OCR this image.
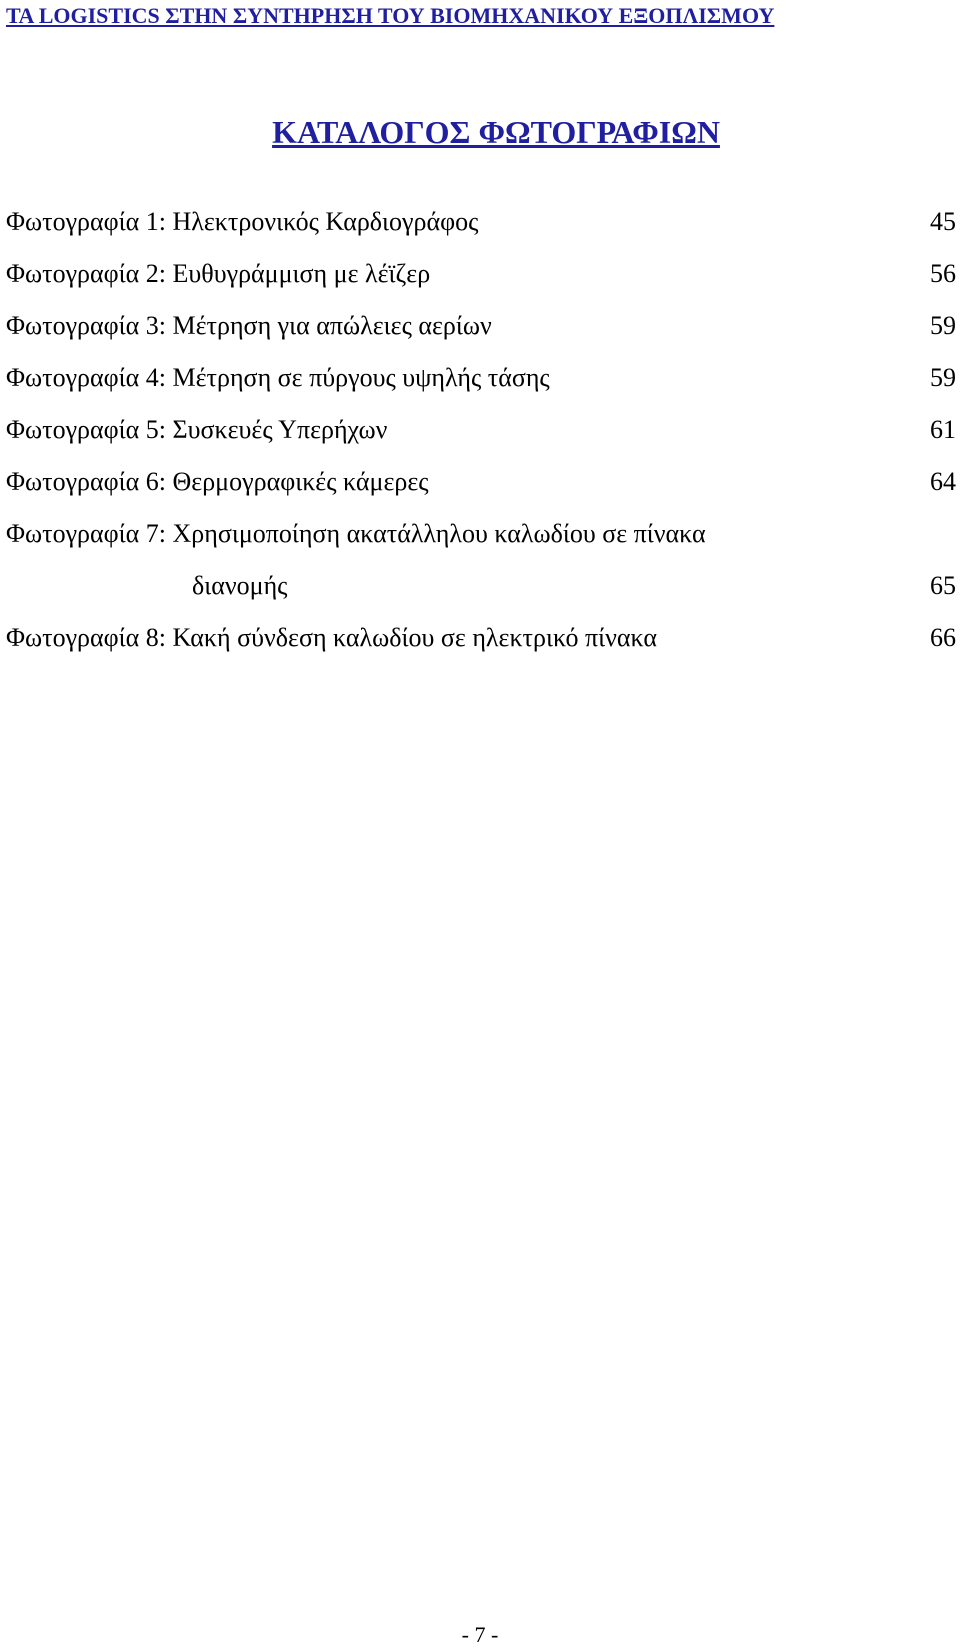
ΤΑ LOGISTICS ΣΤΗΝ ΣΥΝΤΗΡΗΣΗ ΤΟΥ ΒΙΟΜΗΧΑΝΙΚΟΥ ΕΞΟΠΛΙΣΜΟΥ
ΚΑΤΑΛΟΓΟΣ ΦΩΤΟΓΡΑΦΙΩΝ
Φωτογραφία 1: Ηλεκτρονικός Καρδιογράφος	45
Φωτογραφία 2: Ευθυγράμμιση με λέϊζερ	56
Φωτογραφία 3: Μέτρηση για απώλειες αερίων	59
Φωτογραφία 4: Μέτρηση σε πύργους υψηλής τάσης	59
Φωτογραφία 5: Συσκευές Υπερήχων	61
Φωτογραφία 6: Θερμογραφικές κάμερες	64
Φωτογραφία 7: Χρησιμοποίηση ακατάλληλου καλωδίου σε πίνακα
διανομής	65
Φωτογραφία 8: Κακή σύνδεση καλωδίου σε ηλεκτρικό πίνακα	66
- 7 -
